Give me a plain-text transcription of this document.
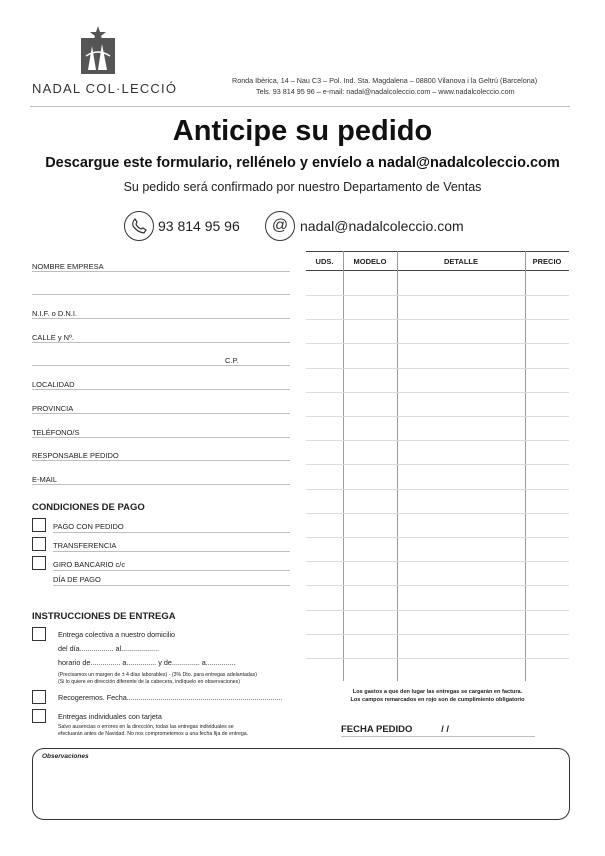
NADAL COL·LECCIÓ
Ronda Ibèrica, 14 – Nau C3 – Pol. Ind. Sta. Magdalena – 08800 Vilanova i la Geltrú (Barcelona)
Tels. 93 814 95 96 – e-mail: nadal@nadalcoleccio.com – www.nadalcoleccio.com
Anticipe su pedido
Descargue este formulario, rellénelo y envíelo a nadal@nadalcoleccio.com
Su pedido será confirmado por nuestro Departamento de Ventas
93 814 95 96	@ nadal@nadalcoleccio.com
NOMBRE EMPRESA
N.I.F. o D.N.I.
CALLE y Nº.
C.P.
LOCALIDAD
PROVINCIA
TELÉFONO/S
RESPONSABLE PEDIDO
E-MAIL
CONDICIONES DE PAGO
PAGO CON PEDIDO
TRANSFERENCIA
GIRO BANCARIO c/c
DÍA DE PAGO
INSTRUCCIONES DE ENTREGA
Entrega colectiva a nuestro domicilio
del día................. al...................
horario de............... a............... y de.............. a...............
(Precisamos un margen de ± 4 días laborables) - (3% Dto. para entregas adelantadas)
(Si lo quiere en dirección diferente de la cabecera, indíquelo en observaciones)
Recogeremos. Fecha..............................................................................
Entregas individuales con tarjeta
Salvo ausencias o errores en la dirección, todas las entregas individuales se
efectuarán antes de Navidad. No nos comprometemos a una fecha fija de entrega.
UDS.	MODELO	DETALLE	PRECIO
Los gastos a que den lugar las entregas se cargarán en factura.
Los campos remarcados en rojo son de cumplimiento obligatorio
FECHA PEDIDO	/ /
Observaciones
